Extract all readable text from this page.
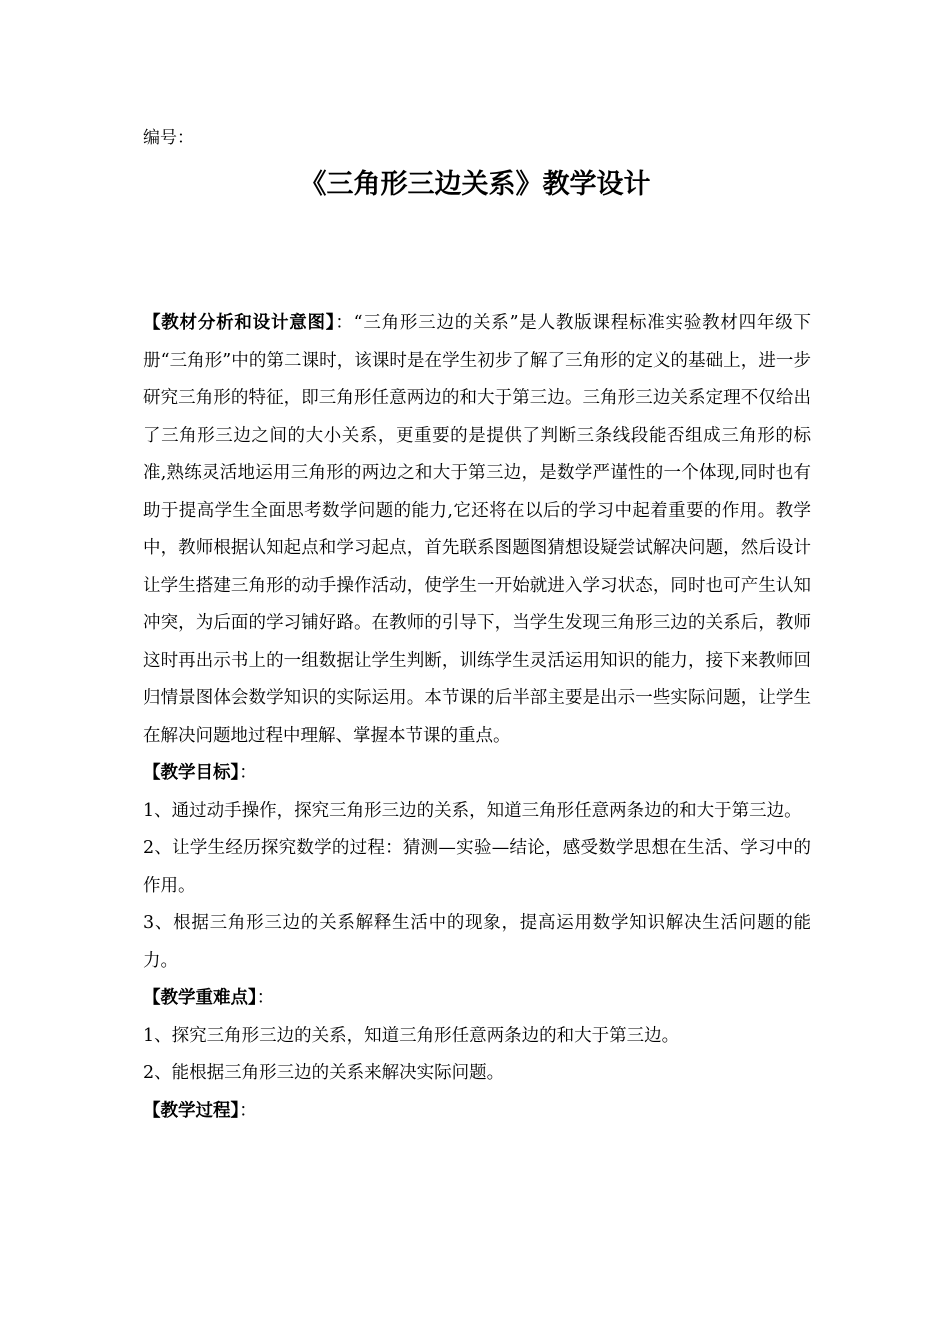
编号：
《三角形三边关系》教学设计

【教材分析和设计意图】：“三角形三边的关系”是人教版课程标准实验教材四年级下册“三角形”中的第二课时，该课时是在学生初步了解了三角形的定义的基础上，进一步研究三角形的特征，即三角形任意两边的和大于第三边。三角形三边关系定理不仅给出了三角形三边之间的大小关系，更重要的是提供了判断三条线段能否组成三角形的标准,熟练灵活地运用三角形的两边之和大于第三边，是数学严谨性的一个体现,同时也有助于提高学生全面思考数学问题的能力,它还将在以后的学习中起着重要的作用。教学中，教师根据认知起点和学习起点，首先联系图题图猜想设疑尝试解决问题，然后设计让学生搭建三角形的动手操作活动，使学生一开始就进入学习状态，同时也可产生认知冲突，为后面的学习铺好路。在教师的引导下，当学生发现三角形三边的关系后，教师这时再出示书上的一组数据让学生判断，训练学生灵活运用知识的能力，接下来教师回归情景图体会数学知识的实际运用。本节课的后半部主要是出示一些实际问题，让学生在解决问题地过程中理解、掌握本节课的重点。

【教学目标】：

1、通过动手操作，探究三角形三边的关系，知道三角形任意两条边的和大于第三边。

2、让学生经历探究数学的过程：猜测—实验—结论，感受数学思想在生活、学习中的作用。

3、根据三角形三边的关系解释生活中的现象，提高运用数学知识解决生活问题的能力。

【教学重难点】：

1、探究三角形三边的关系，知道三角形任意两条边的和大于第三边。

2、能根据三角形三边的关系来解决实际问题。

【教学过程】：
